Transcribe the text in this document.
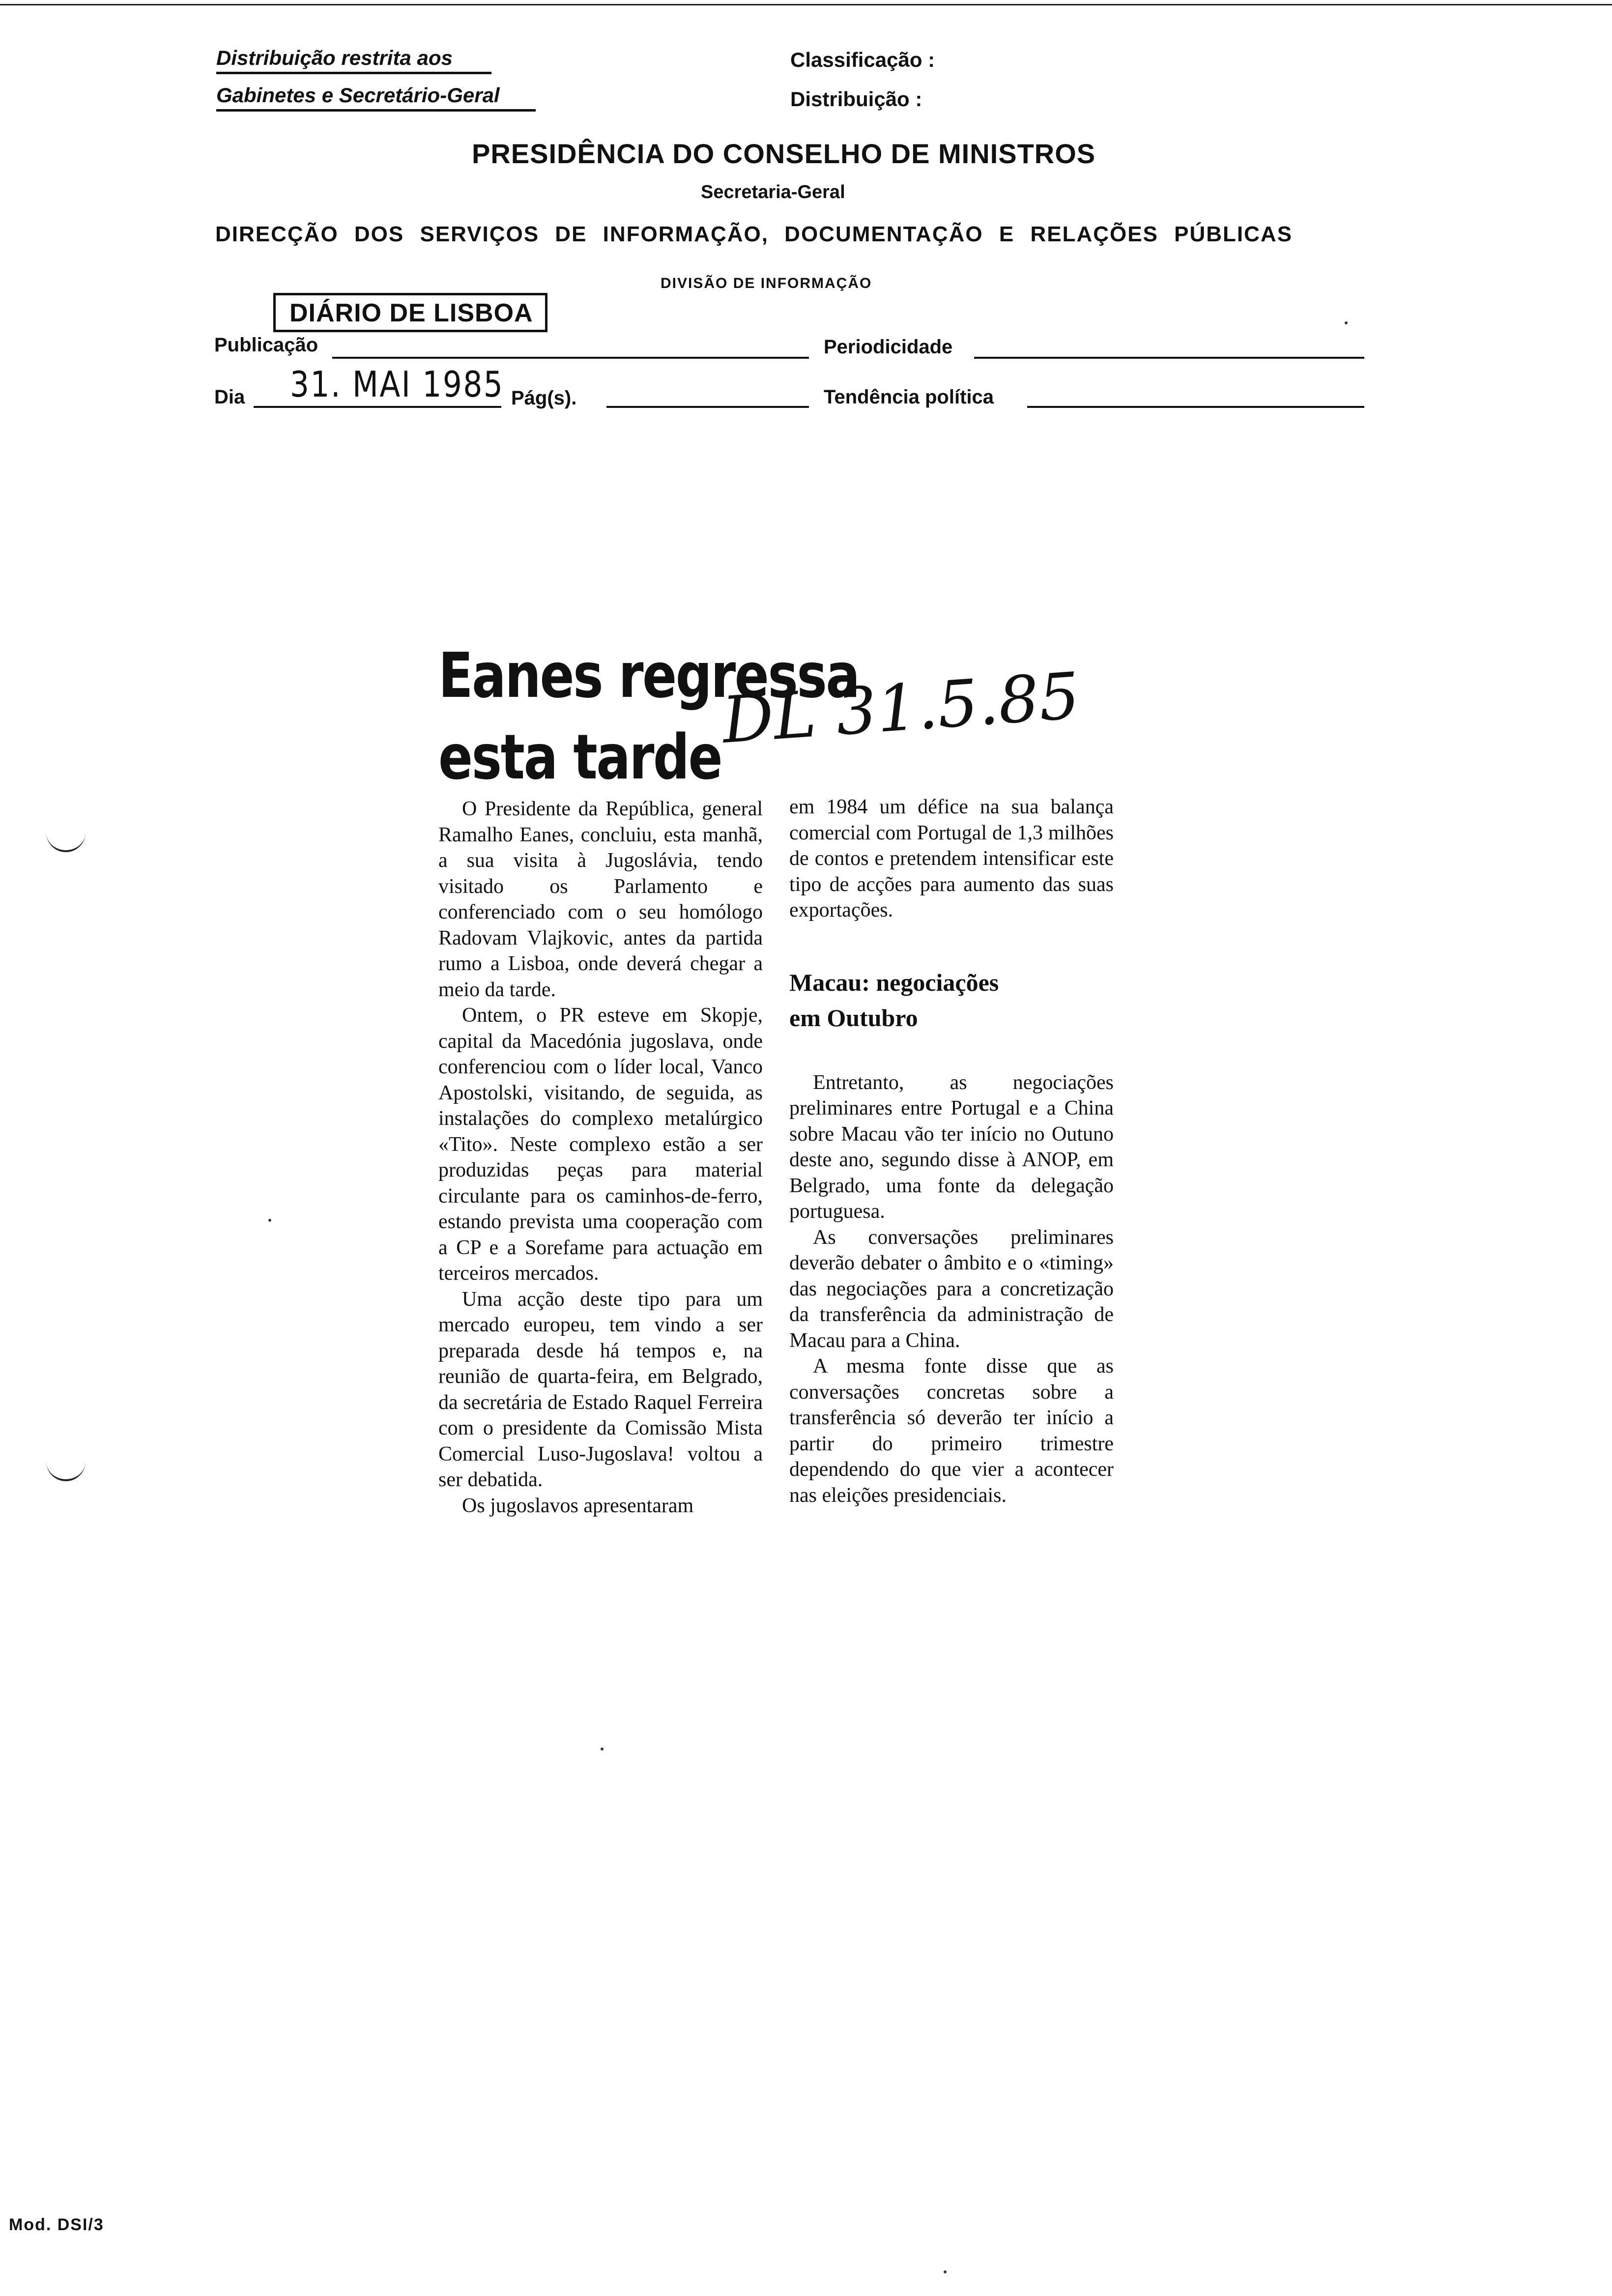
Distribuição restrita aos
Gabinetes e Secretário-Geral
Classificação :
Distribuição :
PRESIDÊNCIA DO CONSELHO DE MINISTROS
Secretaria-Geral
DIRECÇÃO DOS SERVIÇOS DE INFORMAÇÃO, DOCUMENTAÇÃO E RELAÇÕES PÚBLICAS
DIVISÃO DE INFORMAÇÃO
DIÁRIO DE LISBOA
Publicação	Periodicidade
Dia 31. MAI 1985 Pág(s).	Tendência política
Eanes regressa
esta tarde
DL 31.5.85

O Presidente da República, general Ramalho Eanes, concluiu, esta manhã, a sua visita à Jugoslávia, tendo visitado os Parlamento e conferenciado com o seu homólogo Radovam Vlajkovic, antes da partida rumo a Lisboa, onde deverá chegar a meio da tarde.

Ontem, o PR esteve em Skopje, capital da Macedónia jugoslava, onde conferenciou com o líder local, Vanco Apostolski, visitando, de seguida, as instalações do complexo metalúrgico «Tito». Neste complexo estão a ser produzidas peças para material circulante para os caminhos-de-ferro, estando prevista uma cooperação com a CP e a Sorefame para actuação em terceiros mercados.

Uma acção deste tipo para um mercado europeu, tem vindo a ser preparada desde há tempos e, na reunião de quarta-feira, em Belgrado, da secretária de Estado Raquel Ferreira com o presidente da Comissão Mista Comercial Luso-Jugoslava! voltou a ser debatida.

Os jugoslavos apresentaram

em 1984 um défice na sua balança comercial com Portugal de 1,3 milhões de contos e pretendem intensificar este tipo de acções para aumento das suas exportações.

Macau: negociações
em Outubro

Entretanto, as negociações preliminares entre Portugal e a China sobre Macau vão ter início no Outuno deste ano, segundo disse à ANOP, em Belgrado, uma fonte da delegação portuguesa.

As conversações preliminares deverão debater o âmbito e o «timing» das negociações para a concretização da transferência da administração de Macau para a China.

A mesma fonte disse que as conversações concretas sobre a transferência só deverão ter início a partir do primeiro trimestre dependendo do que vier a acontecer nas eleições presidenciais.

Mod. DSI/3
